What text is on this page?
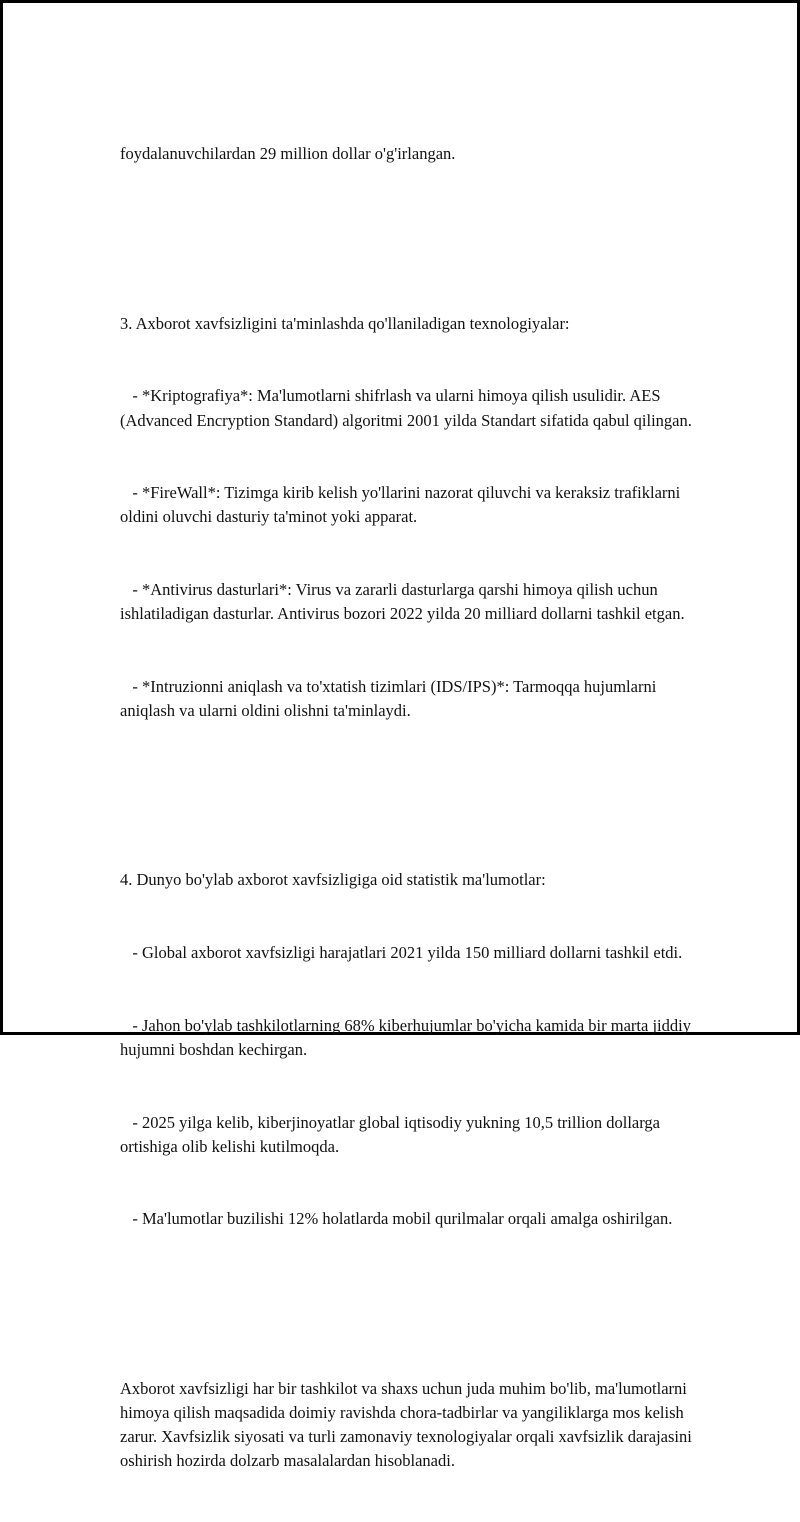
foydalanuvchilardan 29 million dollar o'g'irlangan.

3. Axborot xavfsizligini ta'minlashda qo'llaniladigan texnologiyalar:

- *Kriptografiya*: Ma'lumotlarni shifrlash va ularni himoya qilish usulidir. AES (Advanced Encryption Standard) algoritmi 2001 yilda Standart sifatida qabul qilingan.

- *FireWall*: Tizimga kirib kelish yo'llarini nazorat qiluvchi va keraksiz trafiklarni oldini oluvchi dasturiy ta'minot yoki apparat.

- *Antivirus dasturlari*: Virus va zararli dasturlarga qarshi himoya qilish uchun ishlatiladigan dasturlar. Antivirus bozori 2022 yilda 20 milliard dollarni tashkil etgan.

- *Intruzionni aniqlash va to'xtatish tizimlari (IDS/IPS)*: Tarmoqqa hujumlarni aniqlash va ularni oldini olishni ta'minlaydi.

4. Dunyo bo'ylab axborot xavfsizligiga oid statistik ma'lumotlar:

- Global axborot xavfsizligi harajatlari 2021 yilda 150 milliard dollarni tashkil etdi.

- Jahon bo'ylab tashkilotlarning 68% kiberhujumlar bo'yicha kamida bir marta jiddiy hujumni boshdan kechirgan.

- 2025 yilga kelib, kiberjinoyatlar global iqtisodiy yukning 10,5 trillion dollarga ortishiga olib kelishi kutilmoqda.

- Ma'lumotlar buzilishi 12% holatlarda mobil qurilmalar orqali amalga oshirilgan.

Axborot xavfsizligi har bir tashkilot va shaxs uchun juda muhim bo'lib, ma'lumotlarni himoya qilish maqsadida doimiy ravishda chora-tadbirlar va yangiliklarga mos kelish zarur. Xavfsizlik siyosati va turli zamonaviy texnologiyalar orqali xavfsizlik darajasini oshirish hozirda dolzarb masalalardan hisoblanadi.
